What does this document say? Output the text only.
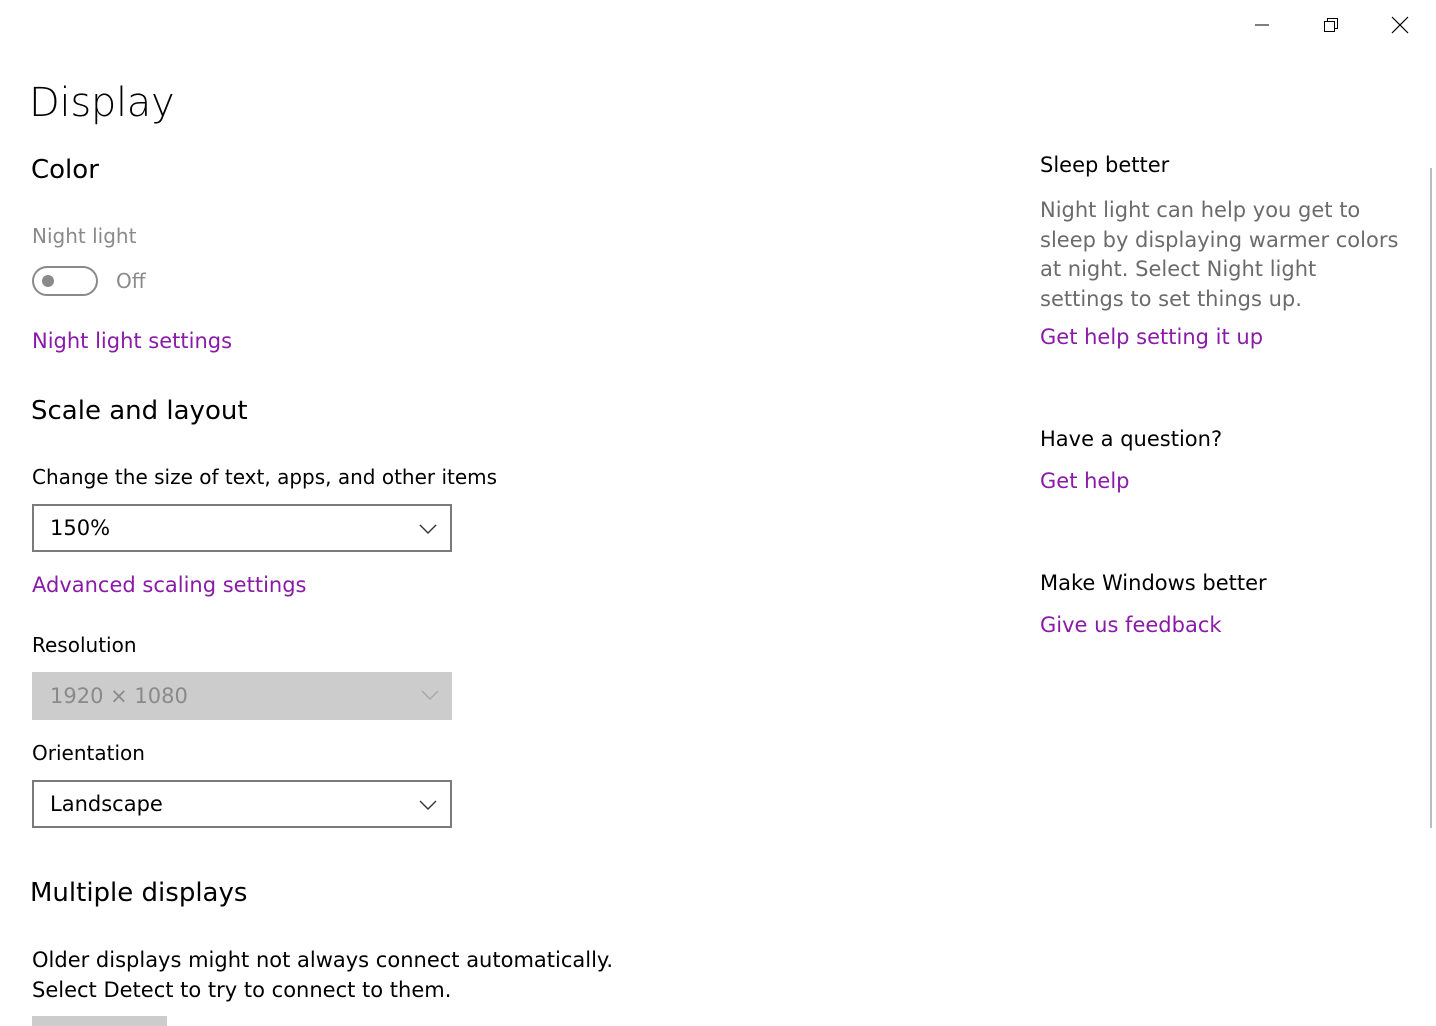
Display
Color
Night light
Off
Night light settings
Scale and layout
Change the size of text, apps, and other items
150%
Advanced scaling settings
Resolution
1920 × 1080
Orientation
Landscape
Multiple displays
Older displays might not always connect automatically. Select Detect to try to connect to them.
Sleep better
Night light can help you get to sleep by displaying warmer colors at night. Select Night light settings to set things up.
Get help setting it up
Have a question?
Get help
Make Windows better
Give us feedback
